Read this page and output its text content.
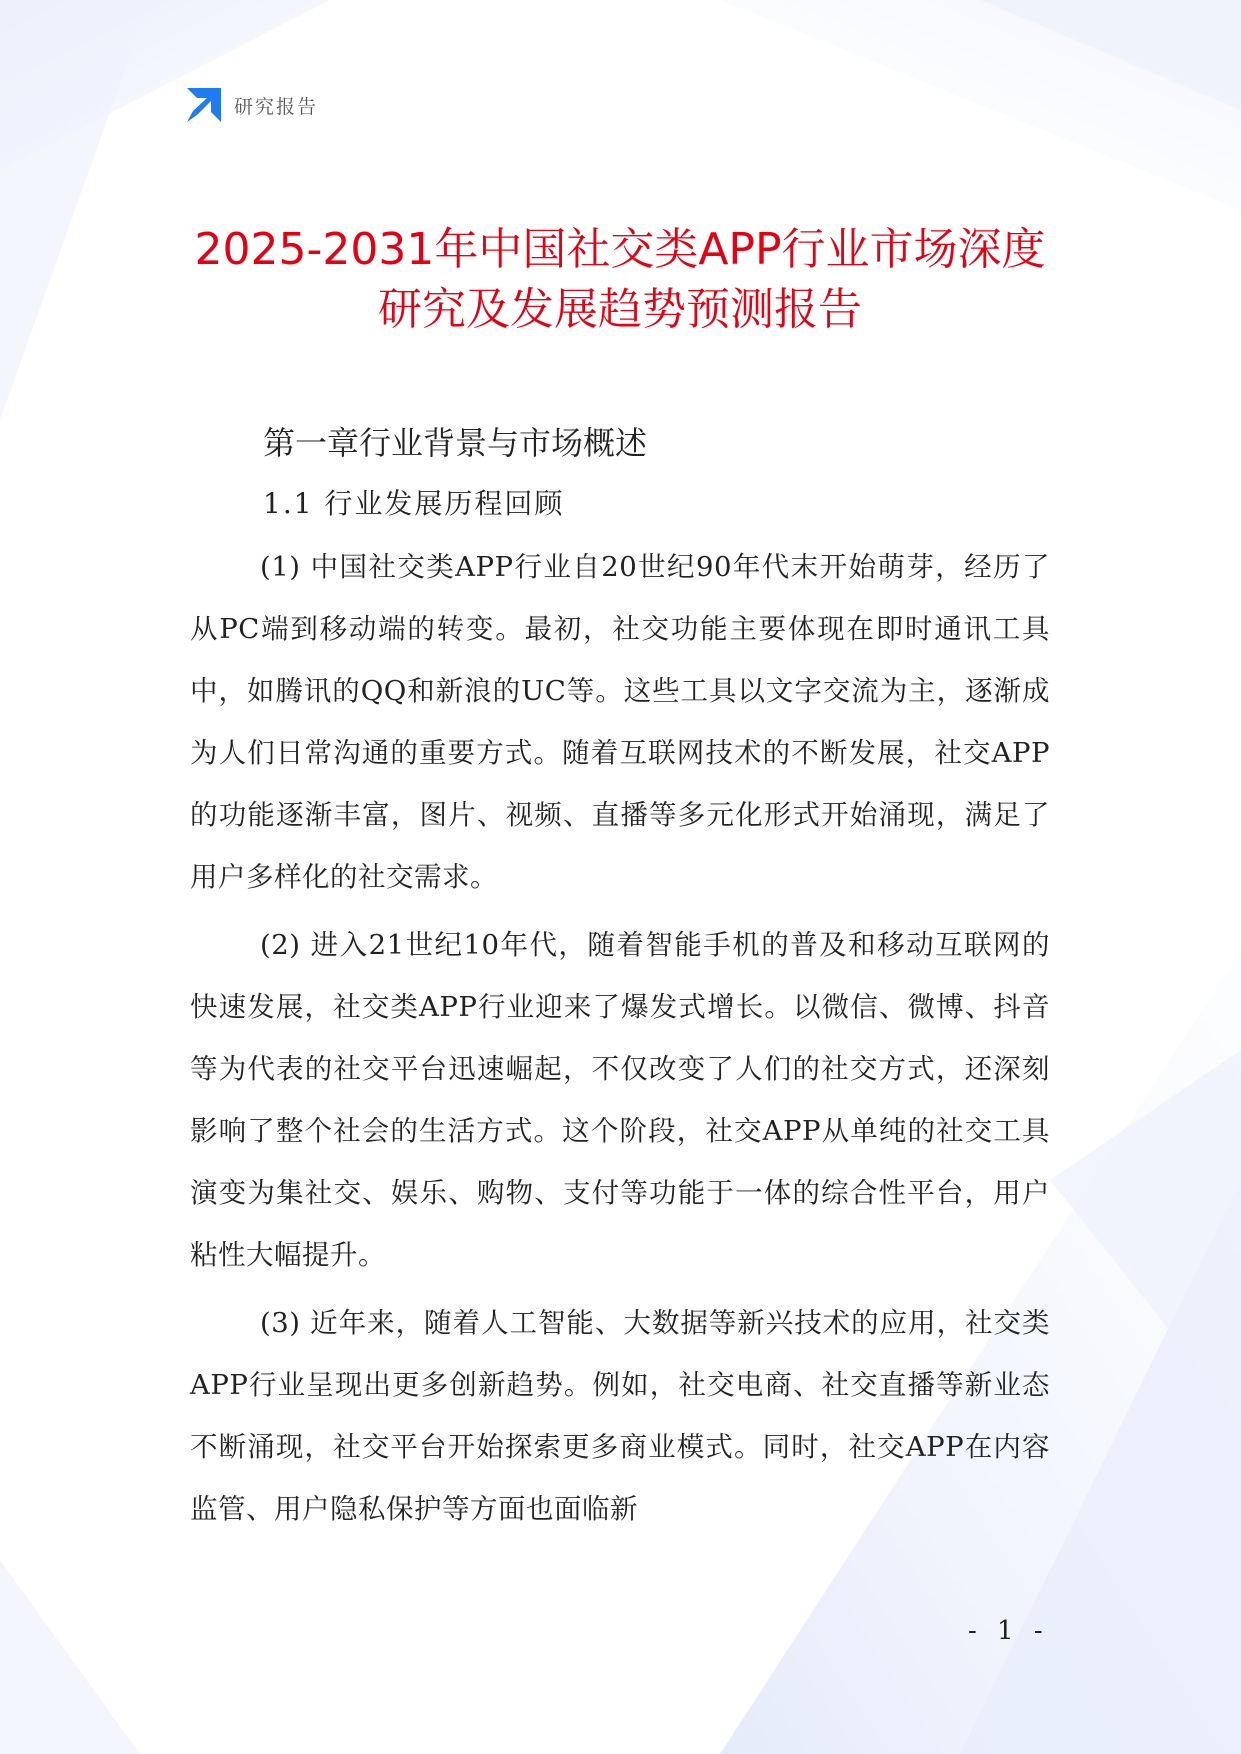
研究报告
2025-2031年中国社交类APP行业市场深度
研究及发展趋势预测报告
第一章行业背景与市场概述
1.1 行业发展历程回顾

(1) 中国社交类APP行业自20世纪90年代末开始萌芽，经历了从PC端到移动端的转变。最初，社交功能主要体现在即时通讯工具中，如腾讯的QQ和新浪的UC等。这些工具以文字交流为主，逐渐成为人们日常沟通的重要方式。随着互联网技术的不断发展，社交APP的功能逐渐丰富，图片、视频、直播等多元化形式开始涌现，满足了用户多样化的社交需求。

(2) 进入21世纪10年代，随着智能手机的普及和移动互联网的快速发展，社交类APP行业迎来了爆发式增长。以微信、微博、抖音等为代表的社交平台迅速崛起，不仅改变了人们的社交方式，还深刻影响了整个社会的生活方式。这个阶段，社交APP从单纯的社交工具演变为集社交、娱乐、购物、支付等功能于一体的综合性平台，用户粘性大幅提升。

(3) 近年来，随着人工智能、大数据等新兴技术的应用，社交类APP行业呈现出更多创新趋势。例如，社交电商、社交直播等新业态不断涌现，社交平台开始探索更多商业模式。同时，社交APP在内容监管、用户隐私保护等方面也面临新

- 1 -
